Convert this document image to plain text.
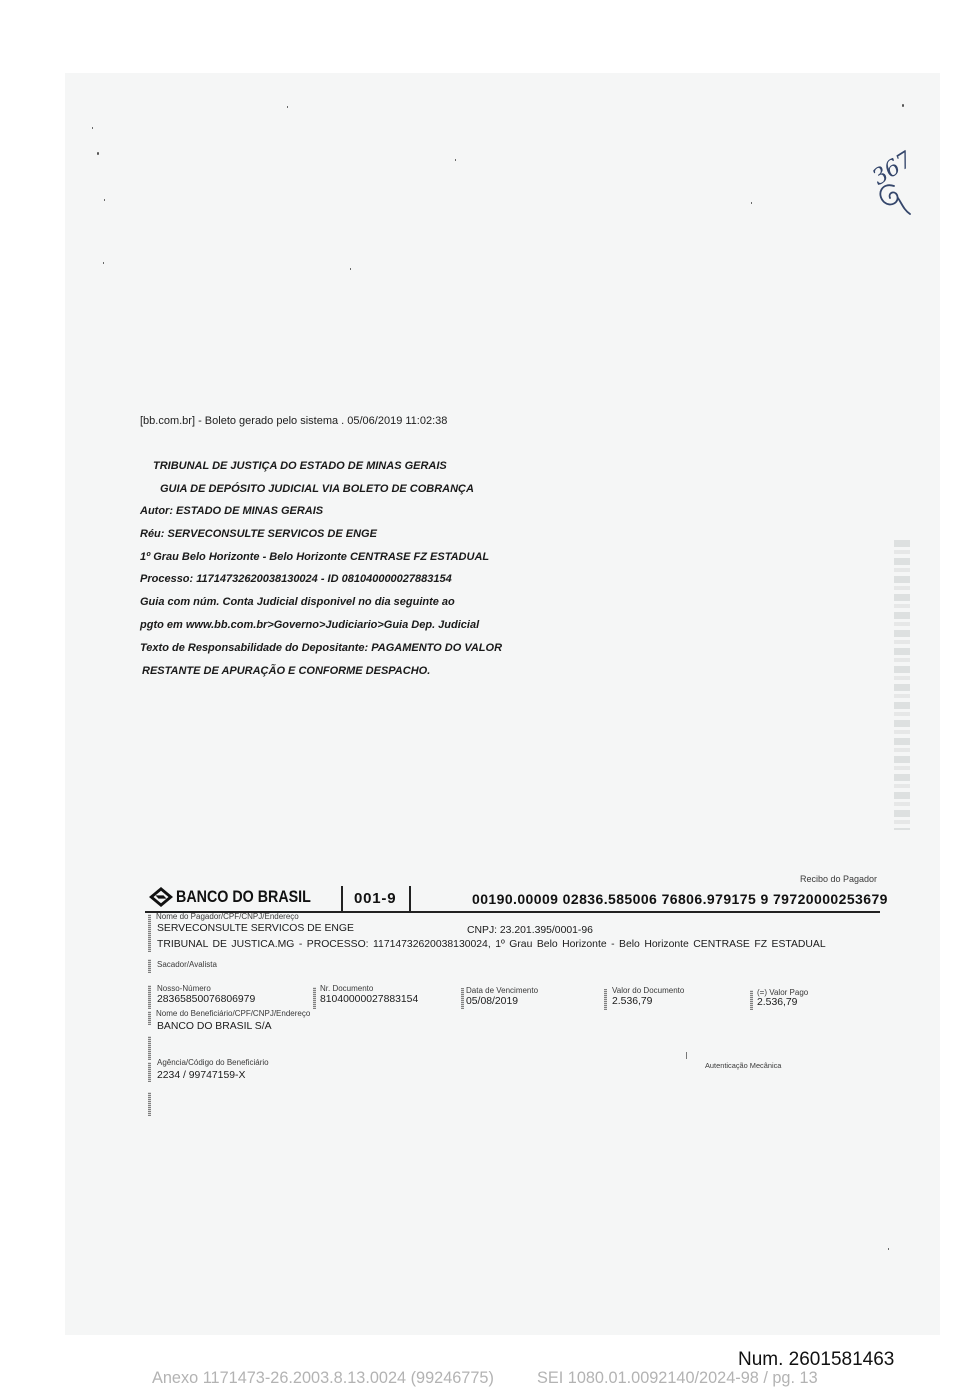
367
[bb.com.br] - Boleto gerado pelo sistema . 05/06/2019 11:02:38
TRIBUNAL DE JUSTIÇA DO ESTADO DE MINAS GERAIS
GUIA DE DEPÓSITO JUDICIAL VIA BOLETO DE COBRANÇA
Autor: ESTADO DE MINAS GERAIS
Réu: SERVECONSULTE SERVICOS DE ENGE
1º Grau Belo Horizonte - Belo Horizonte CENTRASE FZ ESTADUAL
Processo: 11714732620038130024 - ID 081040000027883154
Guia com núm. Conta Judicial disponivel no dia seguinte ao
pgto em www.bb.com.br>Governo>Judiciario>Guia Dep. Judicial
Texto de Responsabilidade do Depositante: PAGAMENTO DO VALOR
RESTANTE DE APURAÇÃO E CONFORME DESPACHO.
Recibo do Pagador
BANCO DO BRASIL	001-9	00190.00009 02836.585006 76806.979175 9 79720000253679
Nome do Pagador/CPF/CNPJ/Endereço
SERVECONSULTE SERVICOS DE ENGE	CNPJ: 23.201.395/0001-96
TRIBUNAL DE JUSTICA.MG - PROCESSO: 11714732620038130024, 1º Grau Belo Horizonte - Belo Horizonte CENTRASE FZ ESTADUAL
Sacador/Avalista
Nosso-Número
28365850076806979
Nr. Documento
81040000027883154
Data de Vencimento
05/08/2019
Valor do Documento
2.536,79
(=) Valor Pago
2.536,79
Nome do Beneficiário/CPF/CNPJ/Endereço
BANCO DO BRASIL S/A
Agência/Código do Beneficiário
2234 / 99747159-X
Autenticação Mecânica
Num. 2601581463
Anexo 1171473-26.2003.8.13.0024 (99246775)	SEI 1080.01.0092140/2024-98 / pg. 13
